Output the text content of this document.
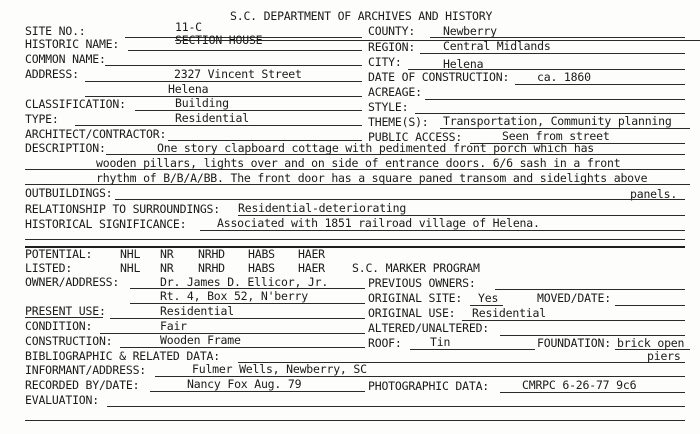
S.C. DEPARTMENT OF ARCHIVES AND HISTORY
SITE NO.:	11-C	COUNTY: Newberry
HISTORIC NAME:	SECTION HOUSE	REGION: Central Midlands
COMMON NAME:	CITY:	Helena
ADDRESS:	2327 Vincent Street	DATE OF CONSTRUCTION: ca. 1860
Helena	ACREAGE:
CLASSIFICATION:	Building	STYLE:
TYPE:	Residential	THEME(S): Transportation, Community planning
ARCHITECT/CONTRACTOR:	PUBLIC ACCESS:	Seen from street
DESCRIPTION:	One story clapboard cottage with pedimented front porch which has
wooden pillars, lights over and on side of entrance doors. 6/6 sash in a front
rhythm of B/B/A/BB. The front door has a square paned transom and sidelights above
panels.
OUTBUILDINGS:
RELATIONSHIP TO SURROUNDINGS: Residential-deteriorating
HISTORICAL SIGNIFICANCE:	Associated with 1851 railroad village of Helena.
POTENTIAL: NHL NR NRHD HABS HAER
LISTED:	NHL NR NRHD HABS HAER S.C. MARKER PROGRAM
OWNER/ADDRESS:	Dr. James D. Ellicor, Jr.	PREVIOUS OWNERS:
Rt. 4, Box 52, N'berry	ORIGINAL SITE: Yes	MOVED/DATE:
PRESENT USE:	Residential	ORIGINAL USE: Residential
CONDITION:	Fair	ALTERED/UNALTERED:
CONSTRUCTION:	Wooden Frame	ROOF: Tin	FOUNDATION: brick open
BIBLIOGRAPHIC & RELATED DATA:	piers
INFORMANT/ADDRESS:	Fulmer Wells, Newberry, SC
RECORDED BY/DATE:	Nancy Fox Aug. 79	PHOTOGRAPHIC DATA:	CMRPC 6-26-77 9c6
EVALUATION:
